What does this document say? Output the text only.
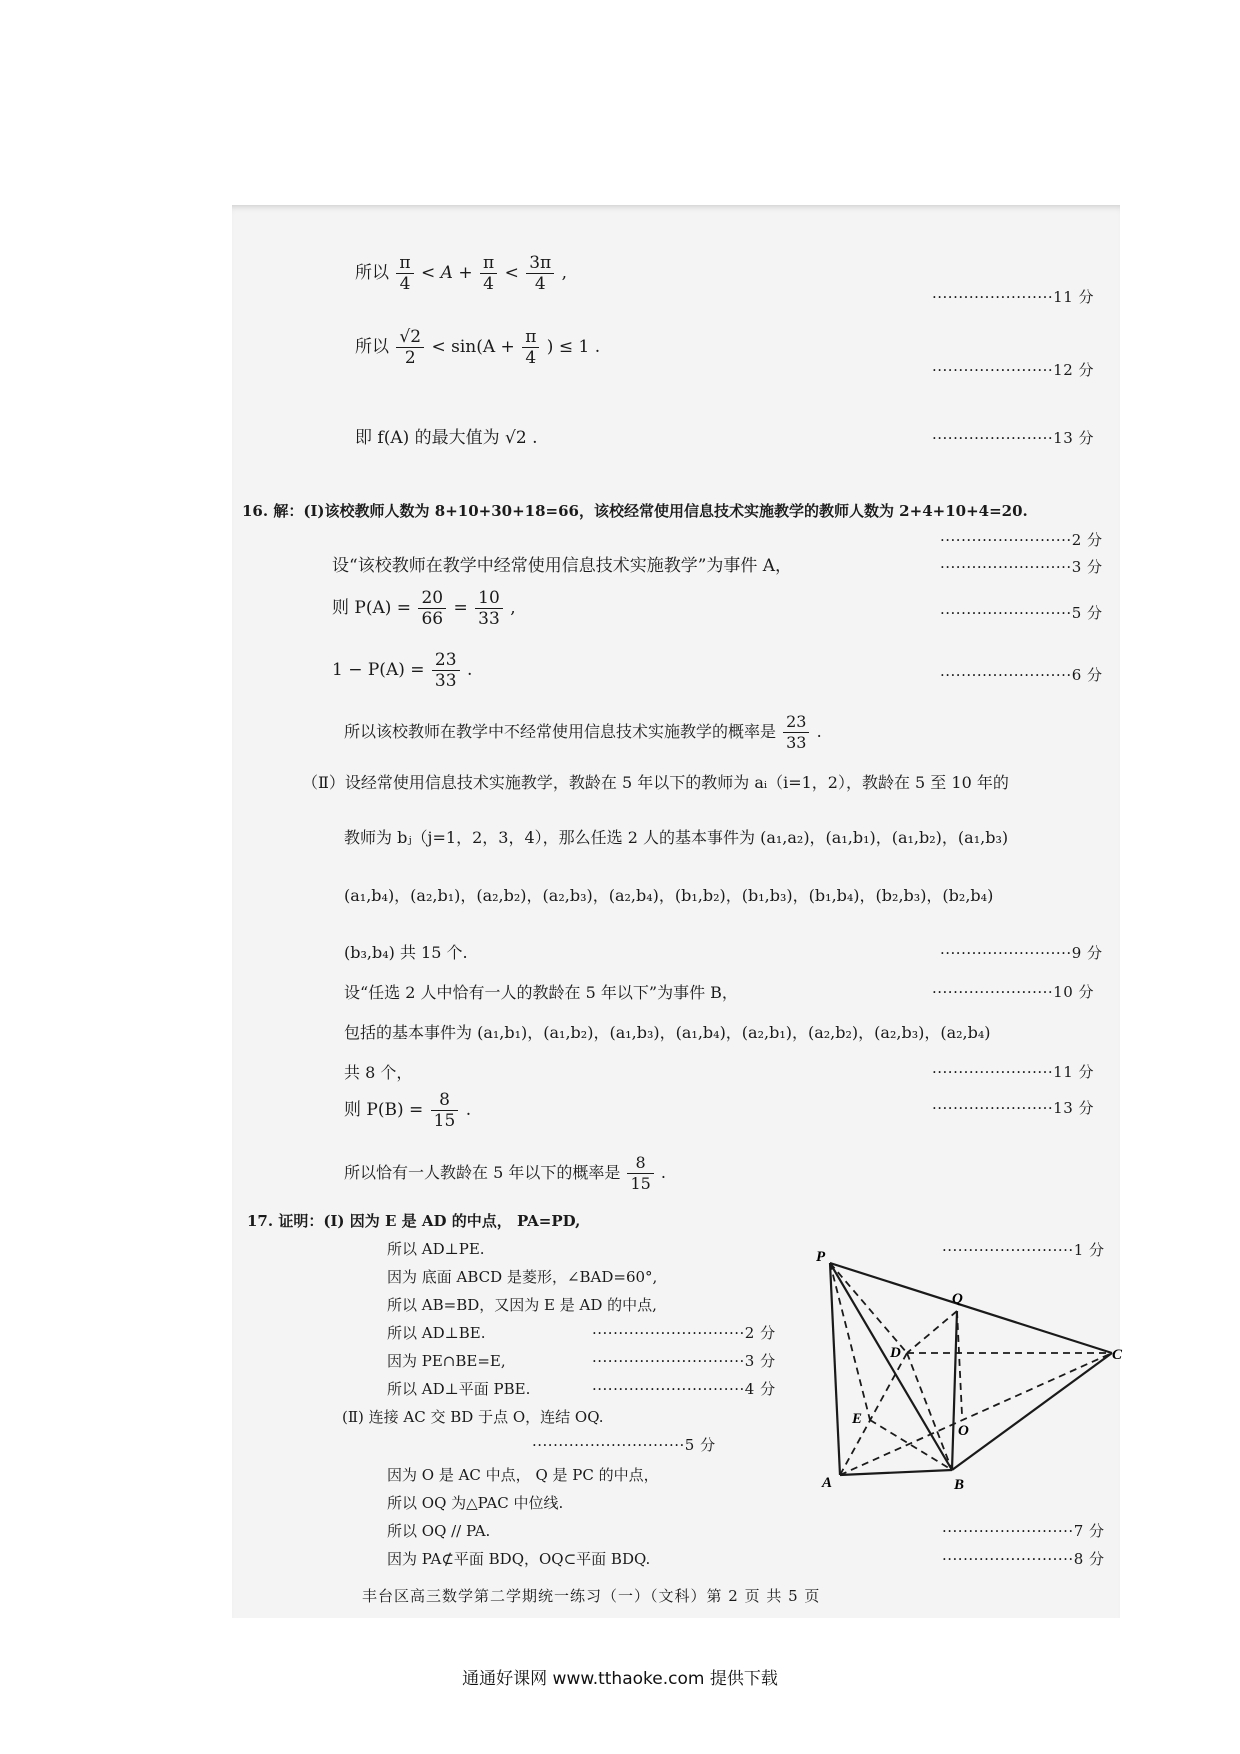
所以 $\frac{\pi}{4} < A + \frac{\pi}{4} < \frac{3\pi}{4}$ ,
·······················11 分
所以 $\frac{√2}{2} < \sin(A + \frac{\pi}{4}$ ) ≤ 1 .
·······················12 分
即 f(A) 的最大值为 √2 .	·······················13 分
16. 解：(Ⅰ)该校教师人数为 8+10+30+18=66，该校经常使用信息技术实施教学的教师人数为 2+4+10+4=20.
·························2 分
设“该校教师在教学中经常使用信息技术实施教学”为事件 A，	·························3 分
则 $P(A) = \frac{20}{66} = \frac{10}{33}$ ,	·························5 分
$1 - P(A) = \frac{23}{33}$ .	·························6 分
所以该校教师在教学中不经常使用信息技术实施教学的概率是 $\frac{23}{33}$ .
（Ⅱ）设经常使用信息技术实施教学，教龄在 5 年以下的教师为 aᵢ（i=1，2），教龄在 5 至 10 年的
教师为 bⱼ（j=1，2，3，4），那么任选 2 人的基本事件为 (a₁,a₂)，(a₁,b₁)，(a₁,b₂)，(a₁,b₃)
(a₁,b₄)，(a₂,b₁)，(a₂,b₂)，(a₂,b₃)，(a₂,b₄)，(b₁,b₂)，(b₁,b₃)，(b₁,b₄)，(b₂,b₃)，(b₂,b₄)
(b₃,b₄) 共 15 个.	·························9 分
设“任选 2 人中恰有一人的教龄在 5 年以下”为事件 B，	·······················10 分
包括的基本事件为 (a₁,b₁)，(a₁,b₂)，(a₁,b₃)，(a₁,b₄)，(a₂,b₁)，(a₂,b₂)，(a₂,b₃)，(a₂,b₄)
共 8 个，	·······················11 分
则 $P(B) = \frac{8}{15}$ .	·······················13 分
所以恰有一人教龄在 5 年以下的概率是 $\frac{8}{15}$ .
17. 证明：(Ⅰ) 因为 E 是 AD 的中点， PA=PD,
所以 AD⊥PE.	·························1 分
因为 底面 ABCD 是菱形，∠BAD=60°,
所以 AB=BD，又因为 E 是 AD 的中点,
所以 AD⊥BE.	·····························2 分
因为 PE∩BE=E,	·····························3 分
所以 AD⊥平面 PBE.	·····························4 分
(Ⅱ) 连接 AC 交 BD 于点 O，连结 OQ.
·····························5 分
因为 O 是 AC 中点， Q 是 PC 的中点，
所以 OQ 为△PAC 中位线.
所以 OQ // PA.	·························7 分
因为 PA⊄平面 BDQ，OQ⊂平面 BDQ.	·························8 分
P
Q
D	C
E
O
A	B
丰台区高三数学第二学期统一练习（一）（文科）第 2 页 共 5 页
通通好课网 www.tthaoke.com 提供下载
